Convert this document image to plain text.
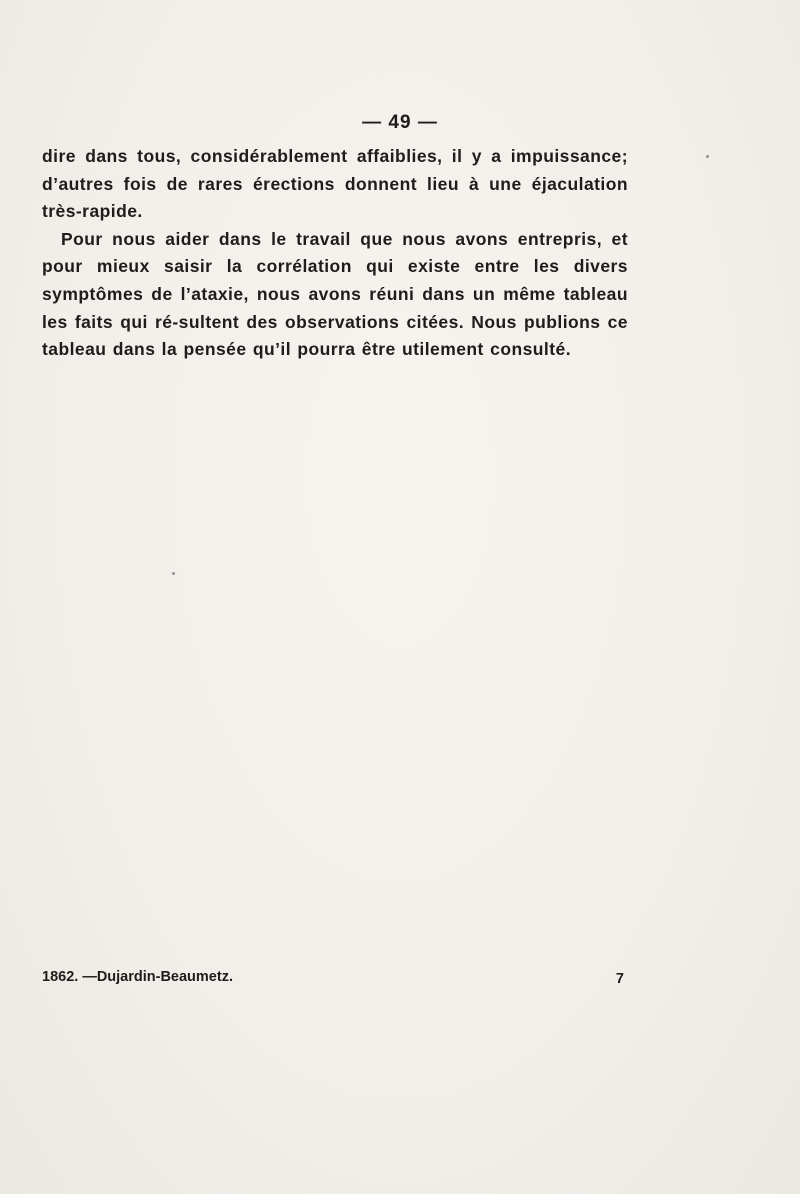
— 49 —

dire dans tous, considérablement affaiblies, il y a impuissance; d’autres fois de rares érections donnent lieu à une éjaculation très-rapide.

Pour nous aider dans le travail que nous avons entrepris, et pour mieux saisir la corrélation qui existe entre les divers symptômes de l’ataxie, nous avons réuni dans un même tableau les faits qui ré-sultent des observations citées. Nous publions ce tableau dans la pensée qu’il pourra être utilement consulté.

1862. —Dujardin-Beaumetz.	7
